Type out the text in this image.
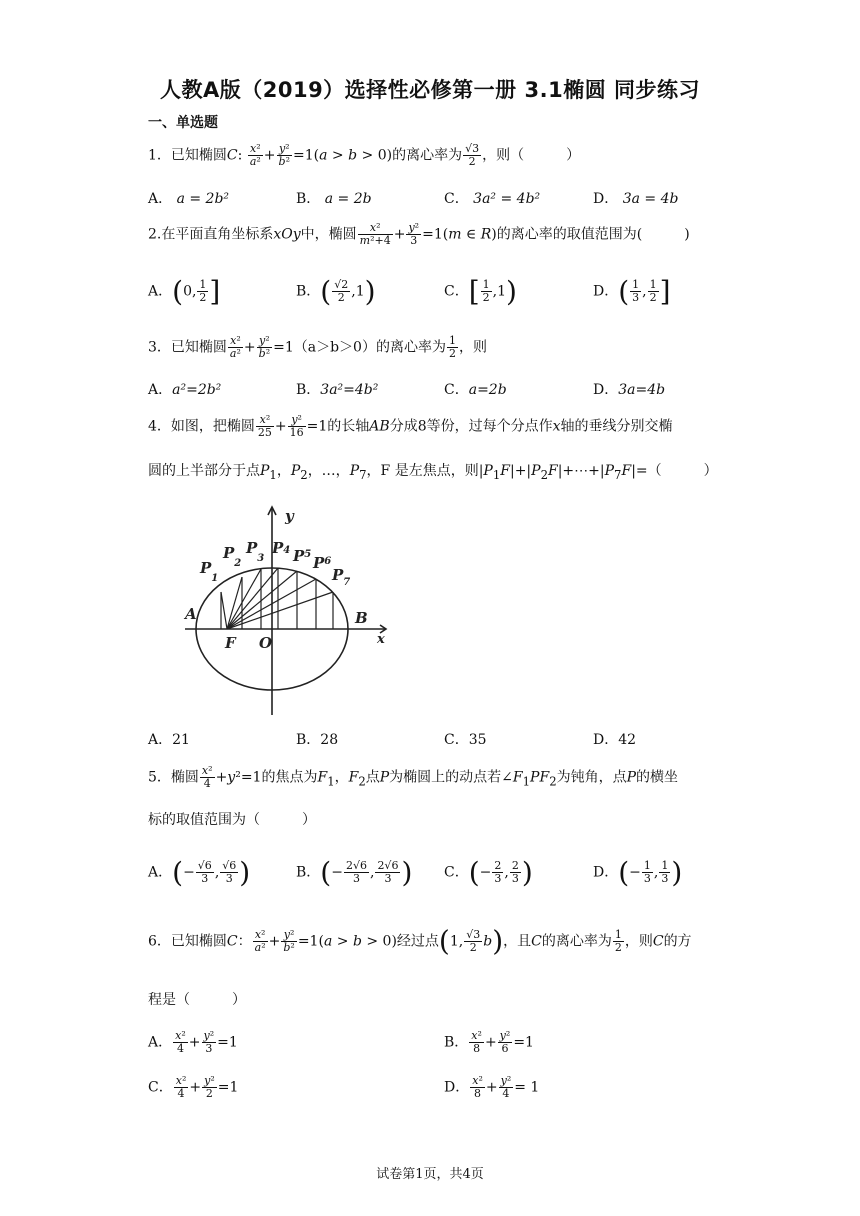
人教A版（2019）选择性必修第一册 3.1椭圆 同步练习
一、单选题
1．已知椭圆C: $\frac{\text{x²}}{\text{a²}} + \frac{\text{y²}}{\text{b²}} =1(a > b > 0)$的离心率为 $\frac{√3}{2}$ ，则（　　　）
A． a = 2b²	B． a = 2b	C． 3a² = 4b²	D． 3a = 4b
2.在平面直角坐标系xOy中，椭圆 $\frac{\text{x²}}{\text{m²+4}} + \frac{\text{y²}}{3} =1(m$ ∈ R)的离心率的取值范围为(　　　)
A．(0, $\frac{1}{2}$ ]	B．( $\frac{√2}{2} ,1$)	C．[ $\frac{1}{2} ,1$)	D．( $\frac{1}{3}$ , $\frac{1}{2}$ ]
3．已知椭圆 $\frac{\text{x²}}{\text{a²}} + \frac{\text{y²}}{\text{b²}} =1(a>b>0)$的离心率为 $\frac{1}{2}$ ，则
A．a²=2b²	B．3a²=4b²	C．a=2b	D．3a=4b
4．如图，把椭圆 $\frac{\text{x²}}{25} + \frac{\text{y²}}{16} =1$的长轴AB分成8等份，过每个分点作x轴的垂线分别交椭
圆的上半部分于点$P_1$，$P_2$，…，$P_7$，F 是左焦点，则$|P_1F|+|P_2F|+\cdots+|P_7F|=$（　　　）
y
x
A	B
F O
$P_1$
$P_2$
$P_3$
P4 $P^5$ $P^6$
$P_7$
A．21	B．28	C．35	D．42
5．椭圆 $\frac{\text{x²}}{4} +y^2=1$的焦点为$F_1$，$F_2$点P为椭圆上的动点若$\angle F_1PF_2$为钝角，点P的横坐
标的取值范围为（　　　）
A．(− $\frac{√6}{3}$ , $\frac{√6}{3}$ )	B．(− $\frac{2√6}{3}$ , $\frac{2√6}{3}$ ) C．(− $\frac{2}{3}$ , $\frac{2}{3}$ )	D．(− $\frac{1}{3}$ , $\frac{1}{3}$ )
6．已知椭圆C： $\frac{\text{x²}}{\text{a²}} + \frac{\text{y²}}{\text{b²}} =1(a > b > 0)$经过点(1, $\frac{√3}{2} b$)，且C的离心率为 $\frac{1}{2}$ ，则C的方
程是（　　　）
A． $\frac{\text{x²}}{4} + \frac{\text{y²}}{3} =1$	B． $\frac{\text{x²}}{8} + \frac{\text{y²}}{6} =1$
C． $\frac{\text{x²}}{4} + \frac{\text{y²}}{2} =1$	D． $\frac{\text{x²}}{8} + \frac{\text{y²}}{4} = 1$
试卷第1页，共4页
